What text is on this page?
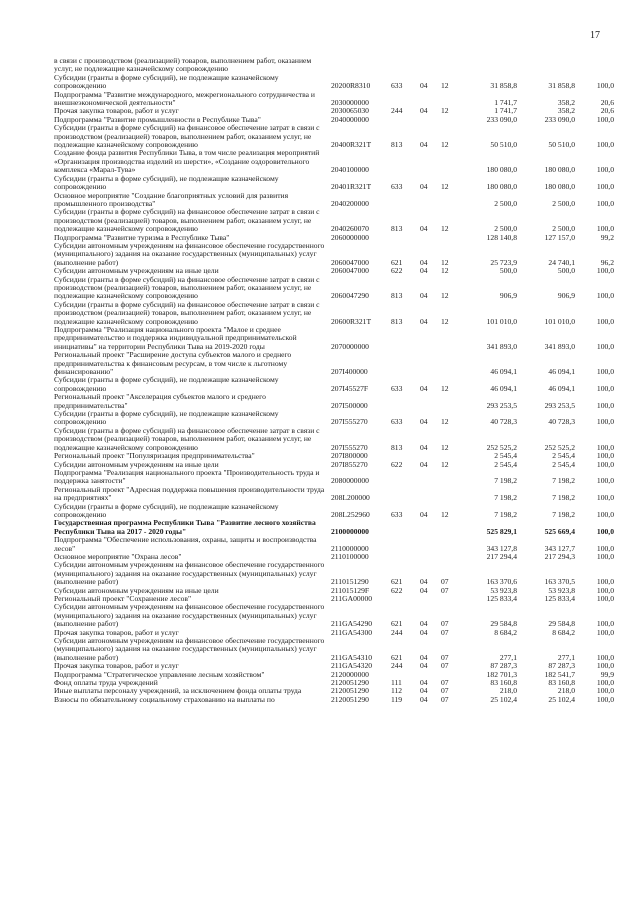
17
в связи с производством (реализацией) товаров, выполнением работ, оказанием услуг, не подлежащие казначейскому сопровождению
Субсидии (гранты в форме субсидий), не подлежащие казначейскому сопровождению	20200R8310	633	04	12	31 858,8	31 858,8	100,0
Подпрограмма "Развитие международного, межрегионального сотрудничества и внешнеэкономической деятельности"	2030000000	1 741,7	358,2	20,6
Прочая закупка товаров, работ и услуг	2030065030	244	04	12	1 741,7	358,2	20,6
Подпрограмма "Развитие промышленности в Республике Тыва"	2040000000	233 090,0	233 090,0	100,0
Субсидии (гранты в форме субсидий) на финансовое обеспечение затрат в связи с производством (реализацией) товаров, выполнением работ, оказанием услуг, не подлежащие казначейскому сопровождению	20400R321T	813	04	12	50 510,0	50 510,0	100,0
Создание фонда развития Республики Тыва, в том числе реализация мероприятий «Организация производства изделий из шерсти», «Создание оздоровительного комплекса «Марал-Тува»	2040100000	180 080,0	180 080,0	100,0
Субсидии (гранты в форме субсидий), не подлежащие казначейскому сопровождению	20401R321T	633	04	12	180 080,0	180 080,0	100,0
Основное мероприятие "Создание благоприятных условий для развития промышленного производства"	2040200000	2 500,0	2 500,0	100,0
Субсидии (гранты в форме субсидий) на финансовое обеспечение затрат в связи с производством (реализацией) товаров, выполнением работ, оказанием услуг, не подлежащие казначейскому сопровождению	2040260070	813	04	12	2 500,0	2 500,0	100,0
Подпрограмма "Развитие туризма в Республике Тыва"	2060000000	128 140,8	127 157,0	99,2
Субсидии автономным учреждениям на финансовое обеспечение государственного (муниципального) задания на оказание государственных (муниципальных) услуг (выполнение работ)	2060047000	621	04	12	25 723,9	24 740,1	96,2
Субсидии автономным учреждениям на иные цели	2060047000	622	04	12	500,0	500,0	100,0
Субсидии (гранты в форме субсидий) на финансовое обеспечение затрат в связи с производством (реализацией) товаров, выполнением работ, оказанием услуг, не подлежащие казначейскому сопровождению	2060047290	813	04	12	906,9	906,9	100,0
Субсидии (гранты в форме субсидий) на финансовое обеспечение затрат в связи с производством (реализацией) товаров, выполнением работ, оказанием услуг, не подлежащие казначейскому сопровождению	20600R321T	813	04	12	101 010,0	101 010,0	100,0
Подпрограмма "Реализация национального проекта "Малое и среднее предпринимательство и поддержка индивидуальной предпринимательской инициативы" на территории Республики Тыва на 2019-2020 годы	2070000000	341 893,0	341 893,0	100,0
Региональный проект "Расширение доступа субъектов малого и среднего предпринимательства к финансовым ресурсам, в том числе к льготному финансированию"	207I400000	46 094,1	46 094,1	100,0
Субсидии (гранты в форме субсидий), не подлежащие казначейскому сопровождению	207I45527F	633	04	12	46 094,1	46 094,1	100,0
Региональный проект "Акселерация субъектов малого и среднего предпринимательства"	207I500000	293 253,5	293 253,5	100,0
Субсидии (гранты в форме субсидий), не подлежащие казначейскому сопровождению	207I555270	633	04	12	40 728,3	40 728,3	100,0
Субсидии (гранты в форме субсидий) на финансовое обеспечение затрат в связи с производством (реализацией) товаров, выполнением работ, оказанием услуг, не подлежащие казначейскому сопровождению	207I555270	813	04	12	252 525,2	252 525,2	100,0
Региональный проект "Популяризация предпринимательства"	207I800000	2 545,4	2 545,4	100,0
Субсидии автономным учреждениям на иные цели	207I855270	622	04	12	2 545,4	2 545,4	100,0
Подпрограмма "Реализация национального проекта "Производительность труда и поддержка занятости"	2080000000	7 198,2	7 198,2	100,0
Региональный проект "Адресная поддержка повышения производительности труда на предприятиях"	208L200000	7 198,2	7 198,2	100,0
Субсидии (гранты в форме субсидий), не подлежащие казначейскому сопровождению	208L252960	633	04	12	7 198,2	7 198,2	100,0
Государственная программа Республики Тыва "Развитие лесного хозяйства Республики Тыва на 2017 - 2020 годы"	2100000000	525 829,1	525 669,4	100,0
Подпрограмма "Обеспечение использования, охраны, защиты и воспроизводства лесов"	2110000000	343 127,8	343 127,7	100,0
Основное мероприятие "Охрана лесов"	2110100000	217 294,4	217 294,3	100,0
Субсидии автономным учреждениям на финансовое обеспечение государственного (муниципального) задания на оказание государственных (муниципальных) услуг (выполнение работ)	2110151290	621	04	07	163 370,6	163 370,5	100,0
Субсидии автономным учреждениям на иные цели	211015129F	622	04	07	53 923,8	53 923,8	100,0
Региональный проект "Сохранение лесов"	211GA00000	125 833,4	125 833,4	100,0
Субсидии автономным учреждениям на финансовое обеспечение государственного (муниципального) задания на оказание государственных (муниципальных) услуг (выполнение работ)	211GA54290	621	04	07	29 584,8	29 584,8	100,0
Прочая закупка товаров, работ и услуг	211GA54300	244	04	07	8 684,2	8 684,2	100,0
Субсидии автономным учреждениям на финансовое обеспечение государственного (муниципального) задания на оказание государственных (муниципальных) услуг (выполнение работ)	211GA54310	621	04	07	277,1	277,1	100,0
Прочая закупка товаров, работ и услуг	211GA54320	244	04	07	87 287,3	87 287,3	100,0
Подпрограмма "Стратегическое управление лесным хозяйством"	2120000000	182 701,3	182 541,7	99,9
Фонд оплаты труда учреждений	2120051290	111	04	07	83 160,8	83 160,8	100,0
Иные выплаты персоналу учреждений, за исключением фонда оплаты труда	2120051290	112	04	07	218,0	218,0	100,0
Взносы по обязательному социальному страхованию на выплаты по	2120051290	119	04	07	25 102,4	25 102,4	100,0
